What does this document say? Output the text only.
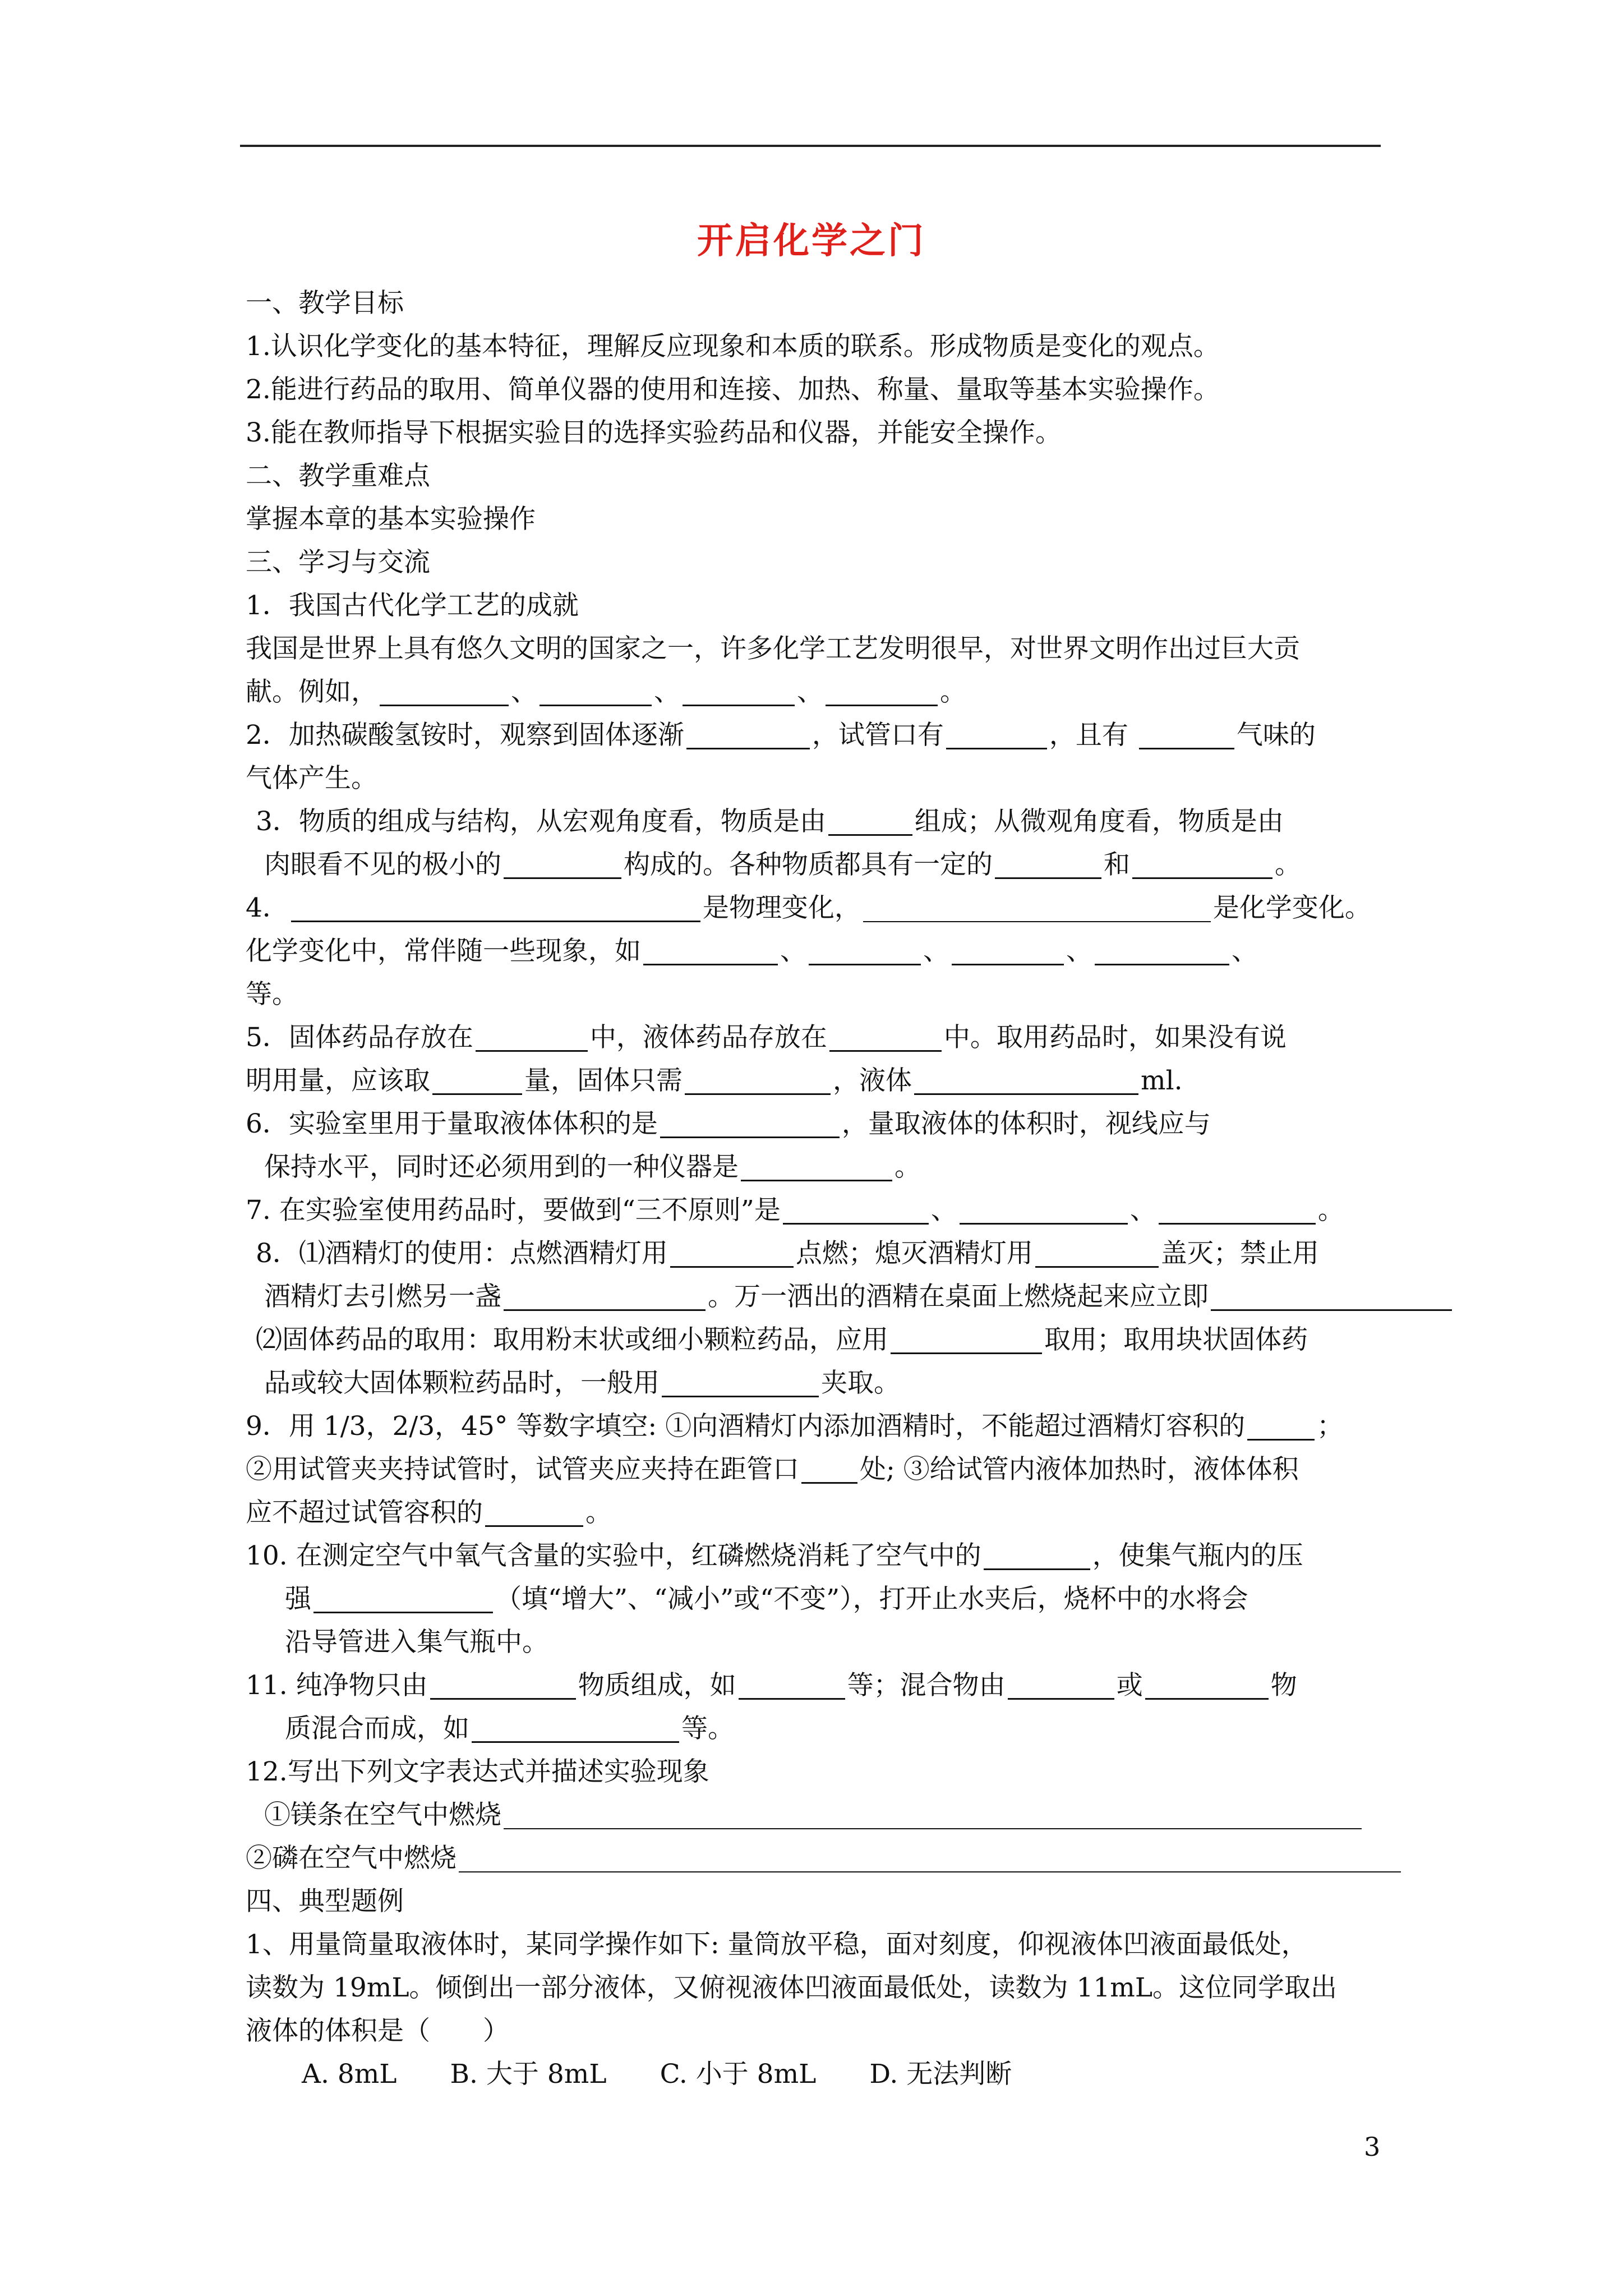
开启化学之门
一、教学目标
1.认识化学变化的基本特征，理解反应现象和本质的联系。形成物质是变化的观点。
2.能进行药品的取用、简单仪器的使用和连接、加热、称量、量取等基本实验操作。
3.能在教师指导下根据实验目的选择实验药品和仪器，并能安全操作。
二、教学重难点
掌握本章的基本实验操作
三、学习与交流
1．我国古代化学工艺的成就
我国是世界上具有悠久文明的国家之一，许多化学工艺发明很早，对世界文明作出过巨大贡
献。例如，	、	、	、	。
2．加热碳酸氢铵时，观察到固体逐渐	，试管口有	，且有	气味的
气体产生。
3．物质的组成与结构，从宏观角度看，物质是由	组成；从微观角度看，物质是由
肉眼看不见的极小的	构成的。各种物质都具有一定的	和	。
4．	是物理变化，	是化学变化。
化学变化中，常伴随一些现象，如	、	、	、	、
等。
5．固体药品存放在	中，液体药品存放在	中。取用药品时，如果没有说
明用量，应该取	量，固体只需	，液体	ml.
6．实验室里用于量取液体体积的是	，量取液体的体积时，视线应与
保持水平，同时还必须用到的一种仪器是	。
7. 在实验室使用药品时，要做到“三不原则”是	、	、	。
8．⑴酒精灯的使用：点燃酒精灯用	点燃；熄灭酒精灯用	盖灭；禁止用
酒精灯去引燃另一盏	。万一洒出的酒精在桌面上燃烧起来应立即
⑵固体药品的取用：取用粉末状或细小颗粒药品，应用	取用；取用块状固体药
品或较大固体颗粒药品时，一般用	夹取。
9．用 1/3，2/3，45° 等数字填空: ①向酒精灯内添加酒精时，不能超过酒精灯容积的	；
②用试管夹夹持试管时，试管夹应夹持在距管口 处; ③给试管内液体加热时，液体体积
应不超过试管容积的	。
10. 在测定空气中氧气含量的实验中，红磷燃烧消耗了空气中的	，使集气瓶内的压
强	（填“增大”、“减小”或“不变”），打开止水夹后，烧杯中的水将会
沿导管进入集气瓶中。
11. 纯净物只由	物质组成，如	等；混合物由	或	物
质混合而成，如	等。
12.写出下列文字表达式并描述实验现象
①镁条在空气中燃烧
②磷在空气中燃烧
四、典型题例
1、用量筒量取液体时，某同学操作如下: 量筒放平稳，面对刻度，仰视液体凹液面最低处，
读数为 19mL。倾倒出一部分液体，又俯视液体凹液面最低处，读数为 11mL。这位同学取出
液体的体积是（　　）
A. 8mL B. 大于 8mL C. 小于 8mL D. 无法判断
3
